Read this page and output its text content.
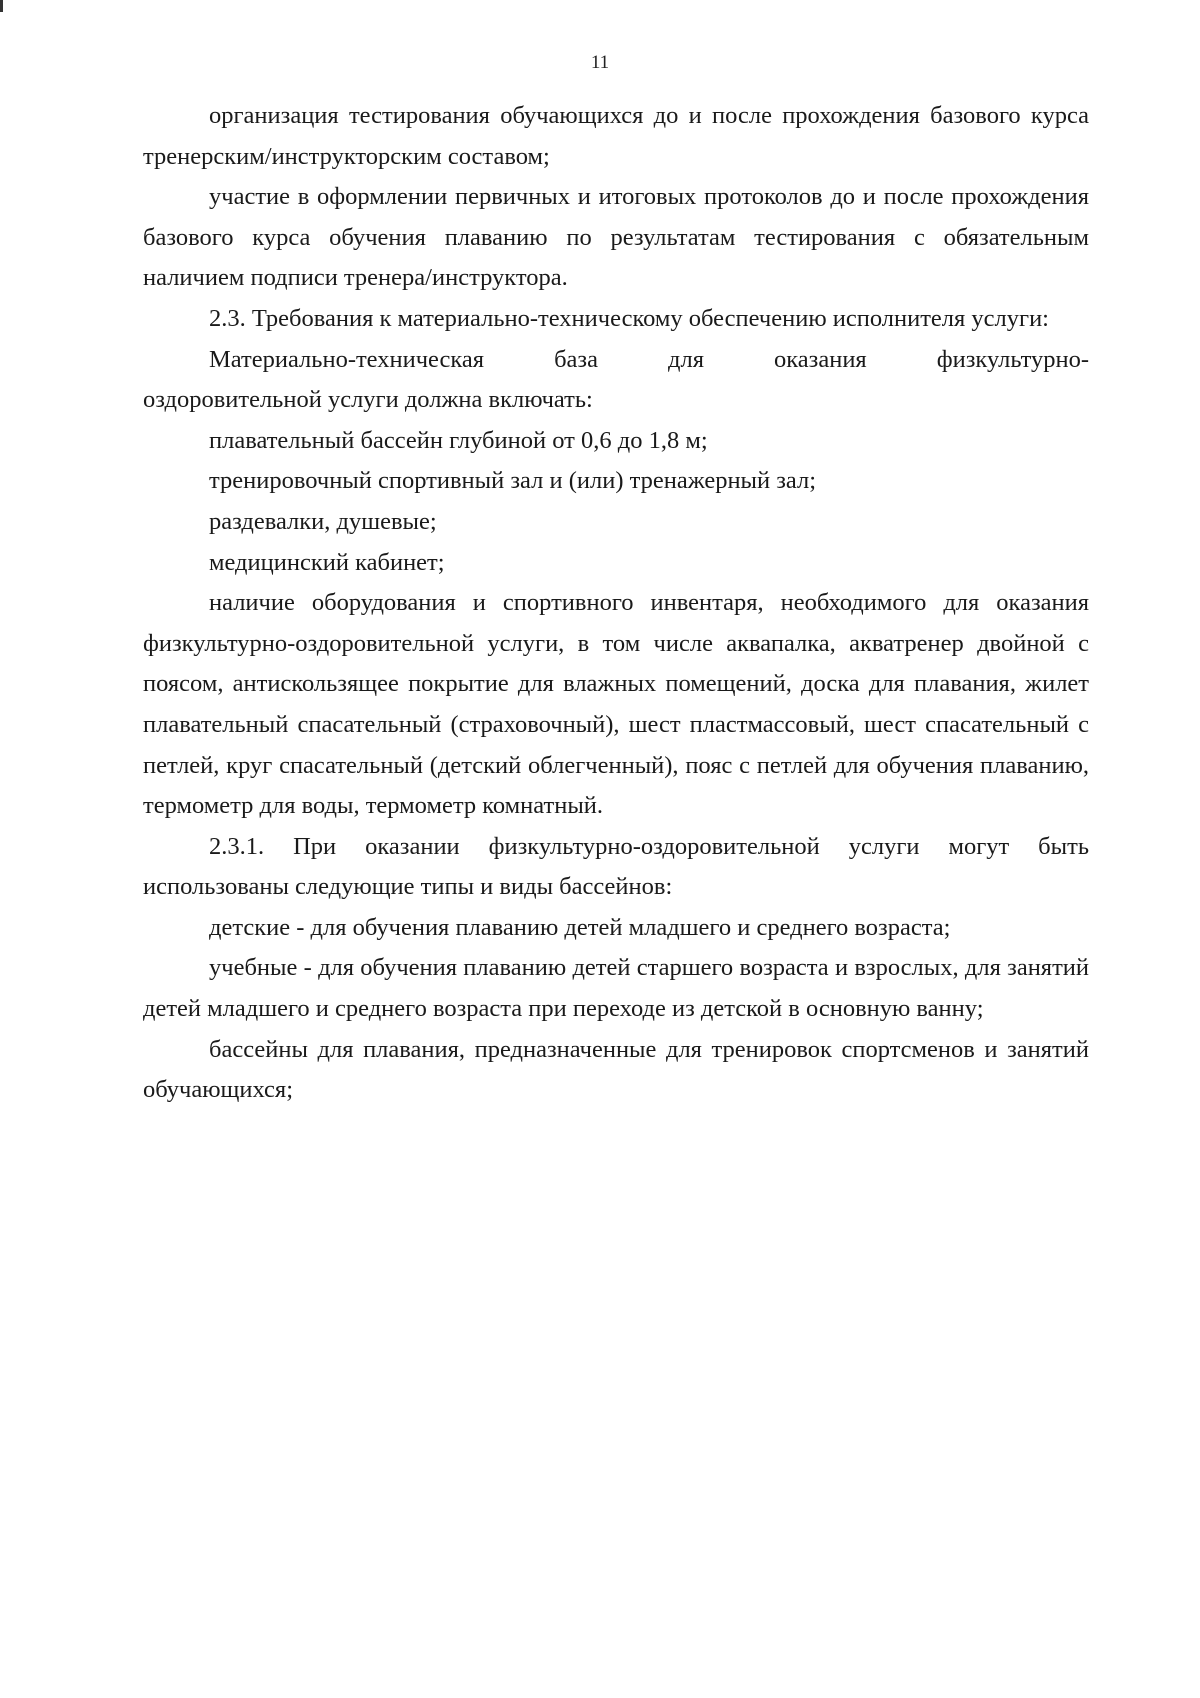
11

организация тестирования обучающихся до и после прохождения базового курса тренерским/инструкторским составом;

участие в оформлении первичных и итоговых протоколов до и после прохождения базового курса обучения плаванию по результатам тестирования с обязательным наличием подписи тренера/инструктора.

2.3. Требования к материально-техническому обеспечению исполнителя услуги:

Материально-техническая	база	для	оказания	физкультурно-
оздоровительной услуги должна включать:

плавательный бассейн глубиной от 0,6 до 1,8 м;

тренировочный спортивный зал и (или) тренажерный зал;

раздевалки, душевые;

медицинский кабинет;

наличие оборудования и спортивного инвентаря, необходимого для оказания физкультурно-оздоровительной услуги, в том числе аквапалка, акватренер двойной с поясом, антискользящее покрытие для влажных помещений, доска для плавания, жилет плавательный спасательный (страховочный), шест пластмассовый, шест спасательный с петлей, круг спасательный (детский облегченный), пояс с петлей для обучения плаванию, термометр для воды, термометр комнатный.

2.3.1. При оказании физкультурно-оздоровительной услуги могут быть использованы следующие типы и виды бассейнов:

детские - для обучения плаванию детей младшего и среднего возраста;

учебные - для обучения плаванию детей старшего возраста и взрослых, для занятий детей младшего и среднего возраста при переходе из детской в основную ванну;

бассейны для плавания, предназначенные для тренировок спортсменов и занятий обучающихся;
